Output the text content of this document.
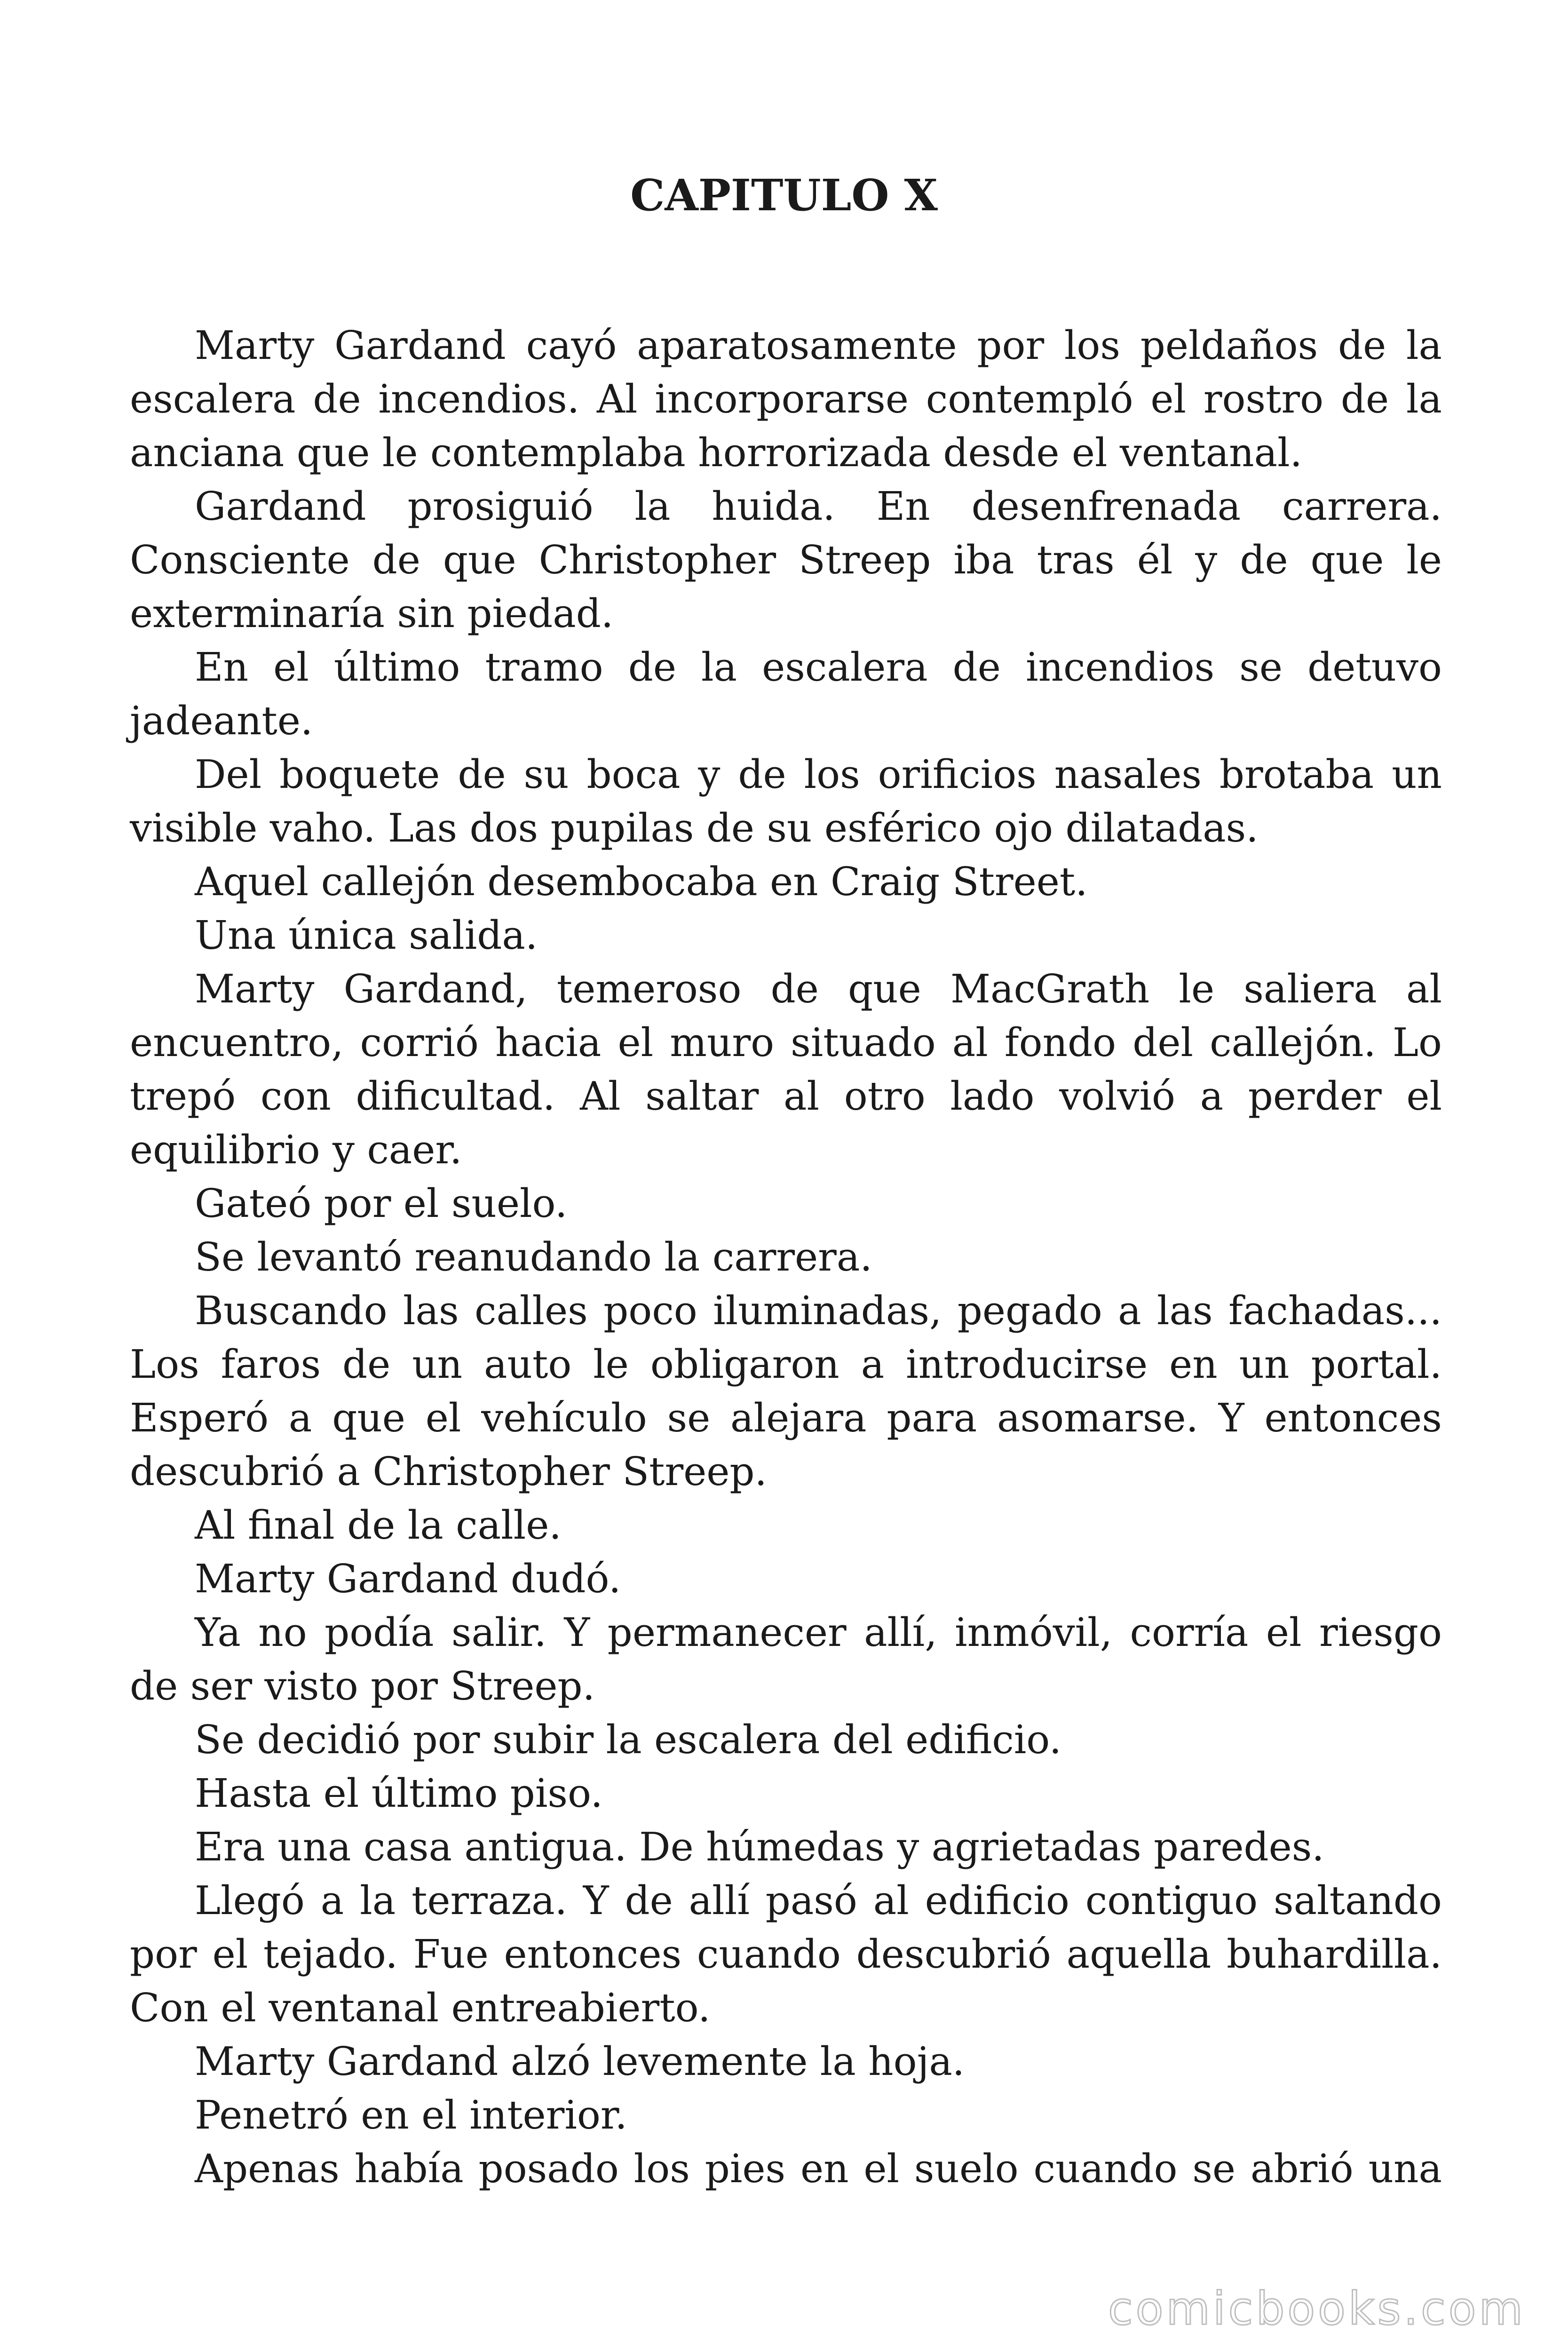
CAPITULO X

Marty Gardand cayó aparatosamente por los peldaños de la escalera de incendios. Al incorporarse contempló el rostro de la anciana que le contemplaba horrorizada desde el ventanal.

Gardand prosiguió la huida. En desenfrenada carrera. Consciente de que Christopher Streep iba tras él y de que le exterminaría sin piedad.

En el último tramo de la escalera de incendios se detuvo jadeante.

Del boquete de su boca y de los orificios nasales brotaba un visible vaho. Las dos pupilas de su esférico ojo dilatadas.

Aquel callejón desembocaba en Craig Street.

Una única salida.

Marty Gardand, temeroso de que MacGrath le saliera al encuentro, corrió hacia el muro situado al fondo del callejón. Lo trepó con dificultad. Al saltar al otro lado volvió a perder el equilibrio y caer.

Gateó por el suelo.

Se levantó reanudando la carrera.

Buscando las calles poco iluminadas, pegado a las fachadas... Los faros de un auto le obligaron a introducirse en un portal. Esperó a que el vehículo se alejara para asomarse. Y entonces descubrió a Christopher Streep.

Al final de la calle.

Marty Gardand dudó.

Ya no podía salir. Y permanecer allí, inmóvil, corría el riesgo de ser visto por Streep.

Se decidió por subir la escalera del edificio.

Hasta el último piso.

Era una casa antigua. De húmedas y agrietadas paredes.

Llegó a la terraza. Y de allí pasó al edificio contiguo saltando por el tejado. Fue entonces cuando descubrió aquella buhardilla. Con el ventanal entreabierto.

Marty Gardand alzó levemente la hoja.

Penetró en el interior.

Apenas había posado los pies en el suelo cuando se abrió una

comicbooks.com
